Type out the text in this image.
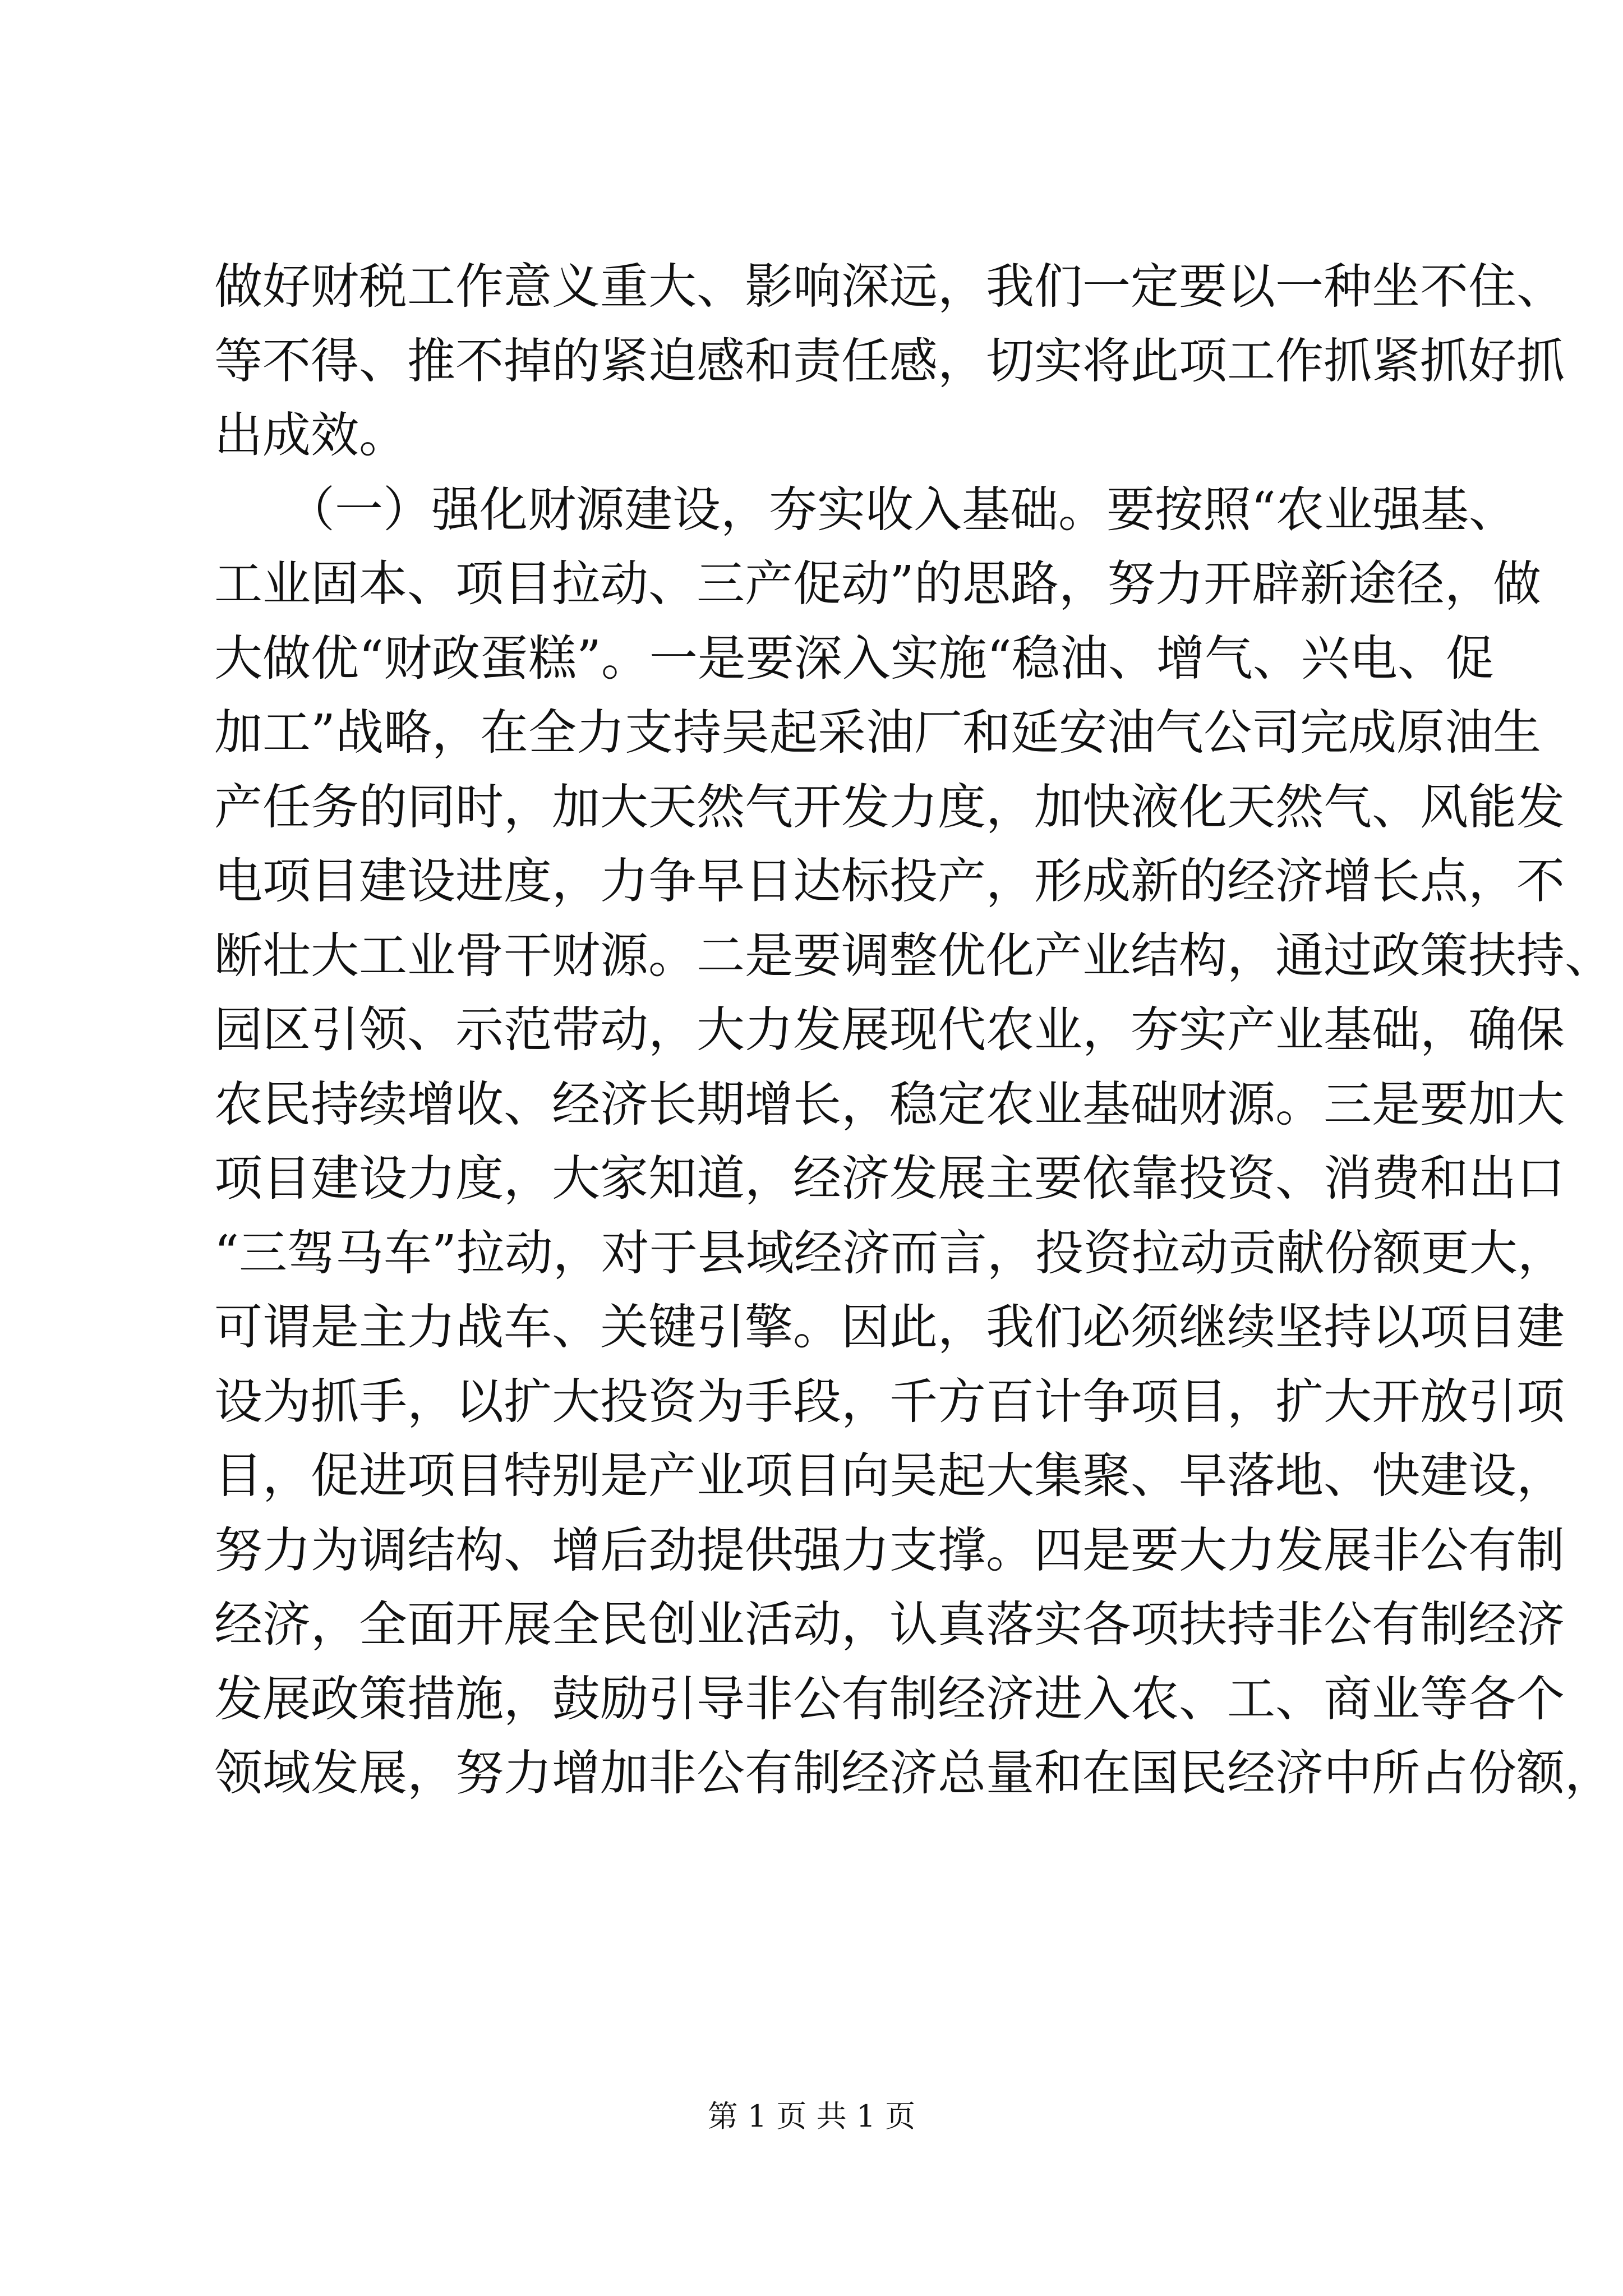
做好财税工作意义重大、影响深远，我们一定要以一种坐不住、
等不得、推不掉的紧迫感和责任感，切实将此项工作抓紧抓好抓
出成效。
　　（一）强化财源建设，夯实收入基础。要按照“农业强基、
工业固本、项目拉动、三产促动”的思路，努力开辟新途径，做
大做优“财政蛋糕”。一是要深入实施“稳油、增气、兴电、促
加工”战略，在全力支持吴起采油厂和延安油气公司完成原油生
产任务的同时，加大天然气开发力度，加快液化天然气、风能发
电项目建设进度，力争早日达标投产，形成新的经济增长点，不
断壮大工业骨干财源。二是要调整优化产业结构，通过政策扶持、
园区引领、示范带动，大力发展现代农业，夯实产业基础，确保
农民持续增收、经济长期增长，稳定农业基础财源。三是要加大
项目建设力度，大家知道，经济发展主要依靠投资、消费和出口
“三驾马车”拉动，对于县域经济而言，投资拉动贡献份额更大，
可谓是主力战车、关键引擎。因此，我们必须继续坚持以项目建
设为抓手，以扩大投资为手段，千方百计争项目，扩大开放引项
目，促进项目特别是产业项目向吴起大集聚、早落地、快建设，
努力为调结构、增后劲提供强力支撑。四是要大力发展非公有制
经济，全面开展全民创业活动，认真落实各项扶持非公有制经济
发展政策措施，鼓励引导非公有制经济进入农、工、商业等各个
领域发展，努力增加非公有制经济总量和在国民经济中所占份额，
第 1 页 共 1 页
